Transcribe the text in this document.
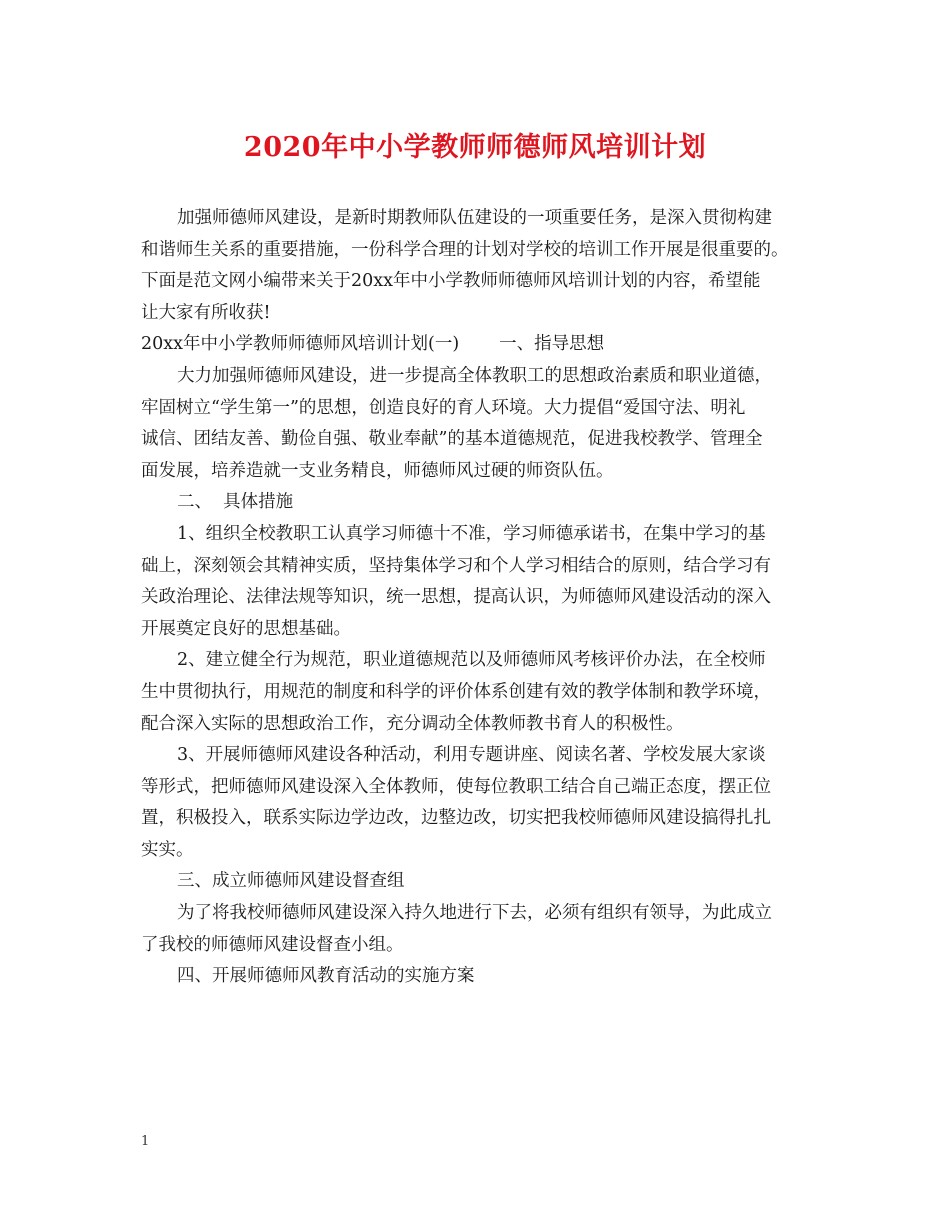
2020年中小学教师师德师风培训计划
加强师德师风建设，是新时期教师队伍建设的一项重要任务，是深入贯彻构建
和谐师生关系的重要措施，一份科学合理的计划对学校的培训工作开展是很重要的。
下面是范文网小编带来关于20xx年中小学教师师德师风培训计划的内容，希望能
让大家有所收获!
20xx年中小学教师师德师风培训计划(一) 一、指导思想
大力加强师德师风建设，进一步提高全体教职工的思想政治素质和职业道德，
牢固树立“学生第一”的思想，创造良好的育人环境。大力提倡“爱国守法、明礼
诚信、团结友善、勤俭自强、敬业奉献”的基本道德规范，促进我校教学、管理全
面发展，培养造就一支业务精良，师德师风过硬的师资队伍。
二、  具体措施
1、组织全校教职工认真学习师德十不准，学习师德承诺书，在集中学习的基
础上，深刻领会其精神实质，坚持集体学习和个人学习相结合的原则，结合学习有
关政治理论、法律法规等知识，统一思想，提高认识，为师德师风建设活动的深入
开展奠定良好的思想基础。
2、建立健全行为规范，职业道德规范以及师德师风考核评价办法，在全校师
生中贯彻执行，用规范的制度和科学的评价体系创建有效的教学体制和教学环境，
配合深入实际的思想政治工作，充分调动全体教师教书育人的积极性。
3、开展师德师风建设各种活动，利用专题讲座、阅读名著、学校发展大家谈
等形式，把师德师风建设深入全体教师，使每位教职工结合自己端正态度，摆正位
置，积极投入，联系实际边学边改，边整边改，切实把我校师德师风建设搞得扎扎
实实。
三、成立师德师风建设督查组
为了将我校师德师风建设深入持久地进行下去，必须有组织有领导，为此成立
了我校的师德师风建设督查小组。
四、开展师德师风教育活动的实施方案
1
